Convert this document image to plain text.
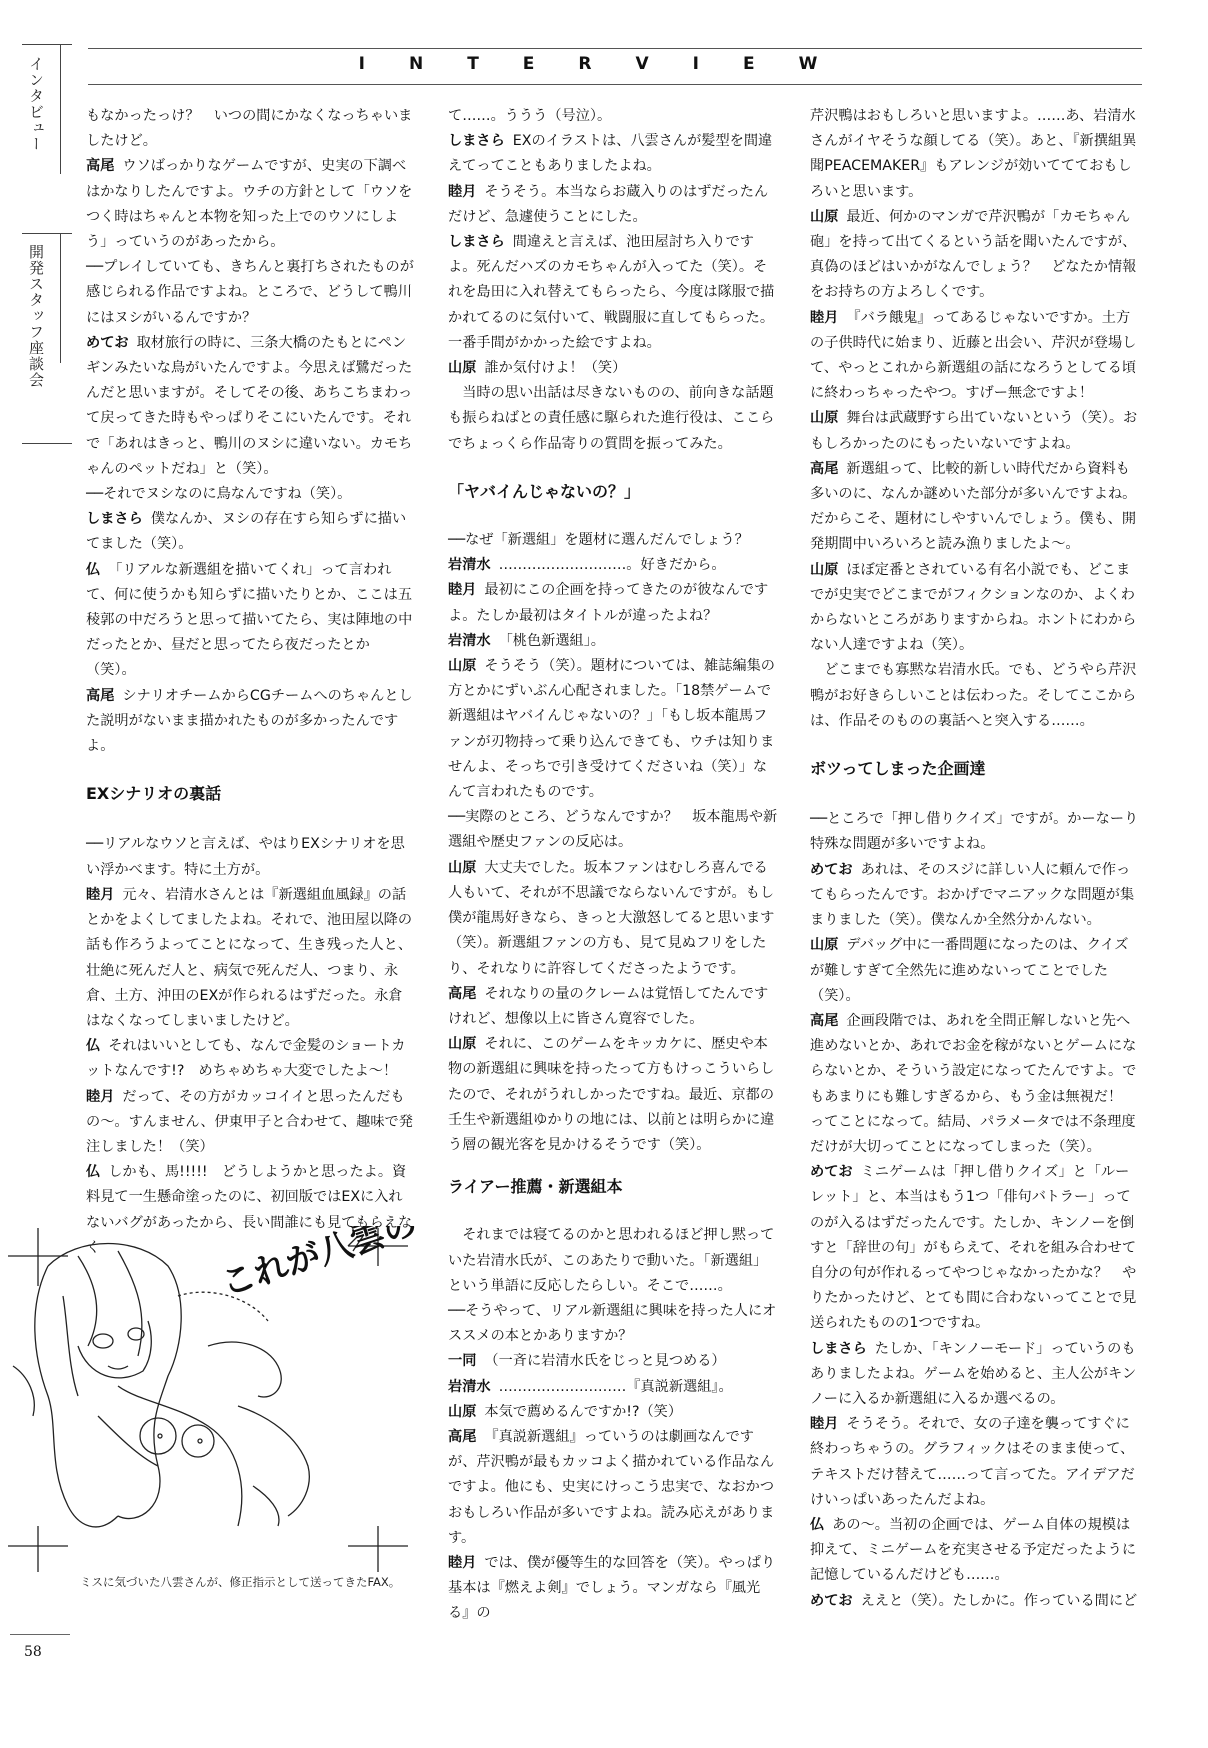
インタビュー
開発スタッフ座談会
INTERVIEW

もなかったっけ？　いつの間にかなくなっちゃいましたけど。

高尾 ウソばっかりなゲームですが、史実の下調べはかなりしたんですよ。ウチの方針として「ウソをつく時はちゃんと本物を知った上でのウソにしよう」っていうのがあったから。

──プレイしていても、きちんと裏打ちされたものが感じられる作品ですよね。ところで、どうして鴨川にはヌシがいるんですか？

めてお 取材旅行の時に、三条大橋のたもとにペンギンみたいな鳥がいたんですよ。今思えば鷺だったんだと思いますが。そしてその後、あちこちまわって戻ってきた時もやっぱりそこにいたんです。それで「あれはきっと、鴨川のヌシに違いない。カモちゃんのペットだね」と（笑）。

──それでヌシなのに鳥なんですね（笑）。

しまさら 僕なんか、ヌシの存在すら知らずに描いてました（笑）。

仏 「リアルな新選組を描いてくれ」って言われて、何に使うかも知らずに描いたりとか、ここは五稜郭の中だろうと思って描いてたら、実は陣地の中だったとか、昼だと思ってたら夜だったとか（笑）。

高尾 シナリオチームからCGチームへのちゃんとした説明がないまま描かれたものが多かったんですよ。

EXシナリオの裏話

──リアルなウソと言えば、やはりEXシナリオを思い浮かべます。特に土方が。

睦月 元々、岩清水さんとは『新選組血風録』の話とかをよくしてましたよね。それで、池田屋以降の話も作ろうよってことになって、生き残った人と、壮絶に死んだ人と、病気で死んだ人、つまり、永倉、土方、沖田のEXが作られるはずだった。永倉はなくなってしまいましたけど。

仏 それはいいとしても、なんで金髪のショートカットなんです!?　めちゃめちゃ大変でしたよ〜！

睦月 だって、その方がカッコイイと思ったんだもの〜。すんません、伊東甲子と合わせて、趣味で発注しました！（笑）

仏 しかも、馬!!!!!　どうしようかと思ったよ。資料見て一生懸命塗ったのに、初回版ではEXに入れないバグがあったから、長い間誰にも見てもらえなく

て……。ううう（号泣）。

しまさら EXのイラストは、八雲さんが髪型を間違えてってこともありましたよね。

睦月 そうそう。本当ならお蔵入りのはずだったんだけど、急遽使うことにした。

しまさら 間違えと言えば、池田屋討ち入りですよ。死んだハズのカモちゃんが入ってた（笑）。それを島田に入れ替えてもらったら、今度は隊服で描かれてるのに気付いて、戦闘服に直してもらった。一番手間がかかった絵ですよね。

山原 誰か気付けよ！（笑）

当時の思い出話は尽きないものの、前向きな話題も振らねばとの責任感に駆られた進行役は、ここらでちょっくら作品寄りの質問を振ってみた。

「ヤバイんじゃないの？」

──なぜ「新選組」を題材に選んだんでしょう？

岩清水 ………………………。好きだから。

睦月 最初にこの企画を持ってきたのが彼なんですよ。たしか最初はタイトルが違ったよね？

岩清水 「桃色新選組」。

山原 そうそう（笑）。題材については、雑誌編集の方とかにずいぶん心配されました。「18禁ゲームで新選組はヤバイんじゃないの？」「もし坂本龍馬ファンが刃物持って乗り込んできても、ウチは知りませんよ、そっちで引き受けてくださいね（笑）」なんて言われたものです。

──実際のところ、どうなんですか？　坂本龍馬や新選組や歴史ファンの反応は。

山原 大丈夫でした。坂本ファンはむしろ喜んでる人もいて、それが不思議でならないんですが。もし僕が龍馬好きなら、きっと大激怒してると思います（笑）。新選組ファンの方も、見て見ぬフリをしたり、それなりに許容してくださったようです。

高尾 それなりの量のクレームは覚悟してたんですけれど、想像以上に皆さん寛容でした。

山原 それに、このゲームをキッカケに、歴史や本物の新選組に興味を持ったって方もけっこういらしたので、それがうれしかったですね。最近、京都の壬生や新選組ゆかりの地には、以前とは明らかに違う層の観光客を見かけるそうです（笑）。

ライアー推薦・新選組本

それまでは寝てるのかと思われるほど押し黙っていた岩清水氏が、このあたりで動いた。「新選組」という単語に反応したらしい。そこで……。

──そうやって、リアル新選組に興味を持った人にオススメの本とかありますか？

一同 （一斉に岩清水氏をじっと見つめる）

岩清水 ………………………『真説新選組』。

山原 本気で薦めるんですか!?（笑）

高尾 『真説新選組』っていうのは劇画なんですが、芹沢鴨が最もカッコよく描かれている作品なんですよ。他にも、史実にけっこう忠実で、なおかつおもしろい作品が多いですよね。読み応えがあります。

睦月 では、僕が優等生的な回答を（笑）。やっぱり基本は『燃えよ剣』でしょう。マンガなら『風光る』の

芹沢鴨はおもしろいと思いますよ。……あ、岩清水さんがイヤそうな顔してる（笑）。あと、『新撰組異聞PEACEMAKER』もアレンジが効いててておもしろいと思います。

山原 最近、何かのマンガで芹沢鴨が「カモちゃん砲」を持って出てくるという話を聞いたんですが、真偽のほどはいかがなんでしょう？　どなたか情報をお持ちの方よろしくです。

睦月 『バラ餓鬼』ってあるじゃないですか。土方の子供時代に始まり、近藤と出会い、芹沢が登場して、やっとこれから新選組の話になろうとしてる頃に終わっちゃったやつ。すげー無念ですよ！

山原 舞台は武蔵野すら出ていないという（笑）。おもしろかったのにもったいないですよね。

高尾 新選組って、比較的新しい時代だから資料も多いのに、なんか謎めいた部分が多いんですよね。だからこそ、題材にしやすいんでしょう。僕も、開発期間中いろいろと読み漁りましたよ〜。

山原 ほぼ定番とされている有名小説でも、どこまでが史実でどこまでがフィクションなのか、よくわからないところがありますからね。ホントにわからない人達ですよね（笑）。

どこまでも寡黙な岩清水氏。でも、どうやら芹沢鴨がお好きらしいことは伝わった。そしてここからは、作品そのものの裏話へと突入する……。

ボツってしまった企画達

──ところで「押し借りクイズ」ですが。かーなーり特殊な問題が多いですよね。

めてお あれは、そのスジに詳しい人に頼んで作ってもらったんです。おかげでマニアックな問題が集まりました（笑）。僕なんか全然分かんない。

山原 デバッグ中に一番問題になったのは、クイズが難しすぎて全然先に進めないってことでした（笑）。

高尾 企画段階では、あれを全問正解しないと先へ進めないとか、あれでお金を稼がないとゲームにならないとか、そういう設定になってたんですよ。でもあまりにも難しすぎるから、もう金は無視だ！　ってことになって。結局、パラメータでは不条理度だけが大切ってことになってしまった（笑）。

めてお ミニゲームは「押し借りクイズ」と「ルーレット」と、本当はもう1つ「俳句バトラー」ってのが入るはずだったんです。たしか、キンノーを倒すと「辞世の句」がもらえて、それを組み合わせて自分の句が作れるってやつじゃなかったかな？　やりたかったけど、とても間に合わないってことで見送られたものの1つですね。

しまさら たしか、「キンノーモード」っていうのもありましたよね。ゲームを始めると、主人公がキンノーに入るか新選組に入るか選べるの。

睦月 そうそう。それで、女の子達を襲ってすぐに終わっちゃうの。グラフィックはそのまま使って、テキストだけ替えて……って言ってた。アイデアだけいっぱいあったんだよね。

仏 あの〜。当初の企画では、ゲーム自体の規模は抑えて、ミニゲームを充実させる予定だったように記憶しているんだけども……。

めてお ええと（笑）。たしかに。作っている間にど

これが八雲の修正です。
ミスに気づいた八雲さんが、修正指示として送ってきたFAX。
58
